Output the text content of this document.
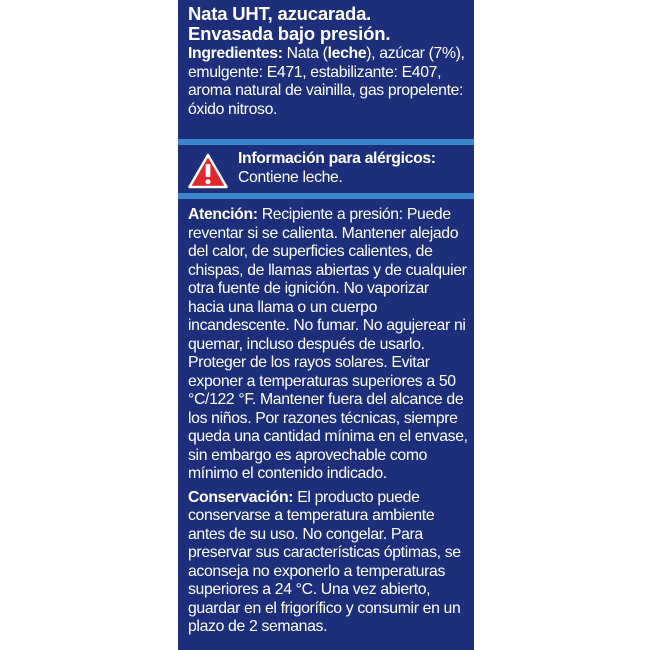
Nata UHT, azucarada.
Envasada bajo presión.
Ingredientes: Nata (leche), azúcar (7%), emulgente: E471, estabilizante: E407, aroma natural de vainilla, gas propelente: óxido nitroso.
Información para alérgicos:
Contiene leche.
Atención: Recipiente a presión: Puede reventar si se calienta. Mantener alejado del calor, de superficies calientes, de chispas, de llamas abiertas y de cualquier otra fuente de ignición. No vaporizar hacia una llama o un cuerpo incandescente. No fumar. No agujerear ni quemar, incluso después de usarlo. Proteger de los rayos solares. Evitar exponer a temperaturas superiores a 50 °C/122 °F. Mantener fuera del alcance de los niños. Por razones técnicas, siempre queda una cantidad mínima en el envase, sin embargo es aprovechable como mínimo el contenido indicado.
Conservación: El producto puede conservarse a temperatura ambiente antes de su uso. No congelar. Para preservar sus características óptimas, se aconseja no exponerlo a temperaturas superiores a 24 °C. Una vez abierto, guardar en el frigorífico y consumir en un plazo de 2 semanas.
